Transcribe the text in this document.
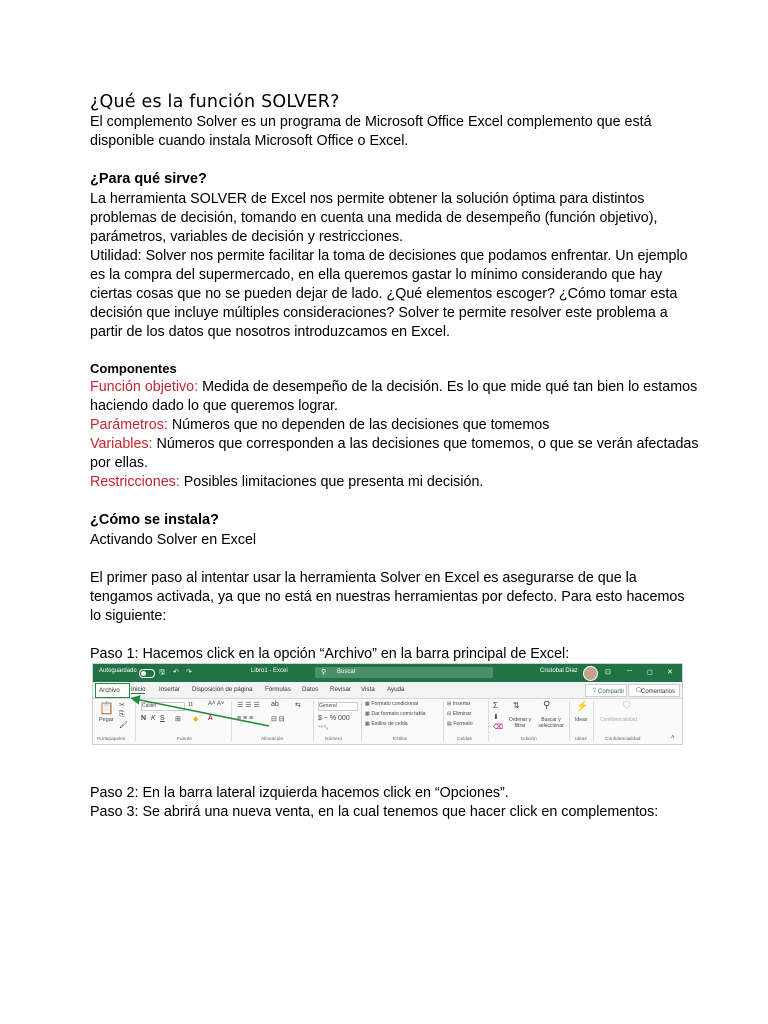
¿Qué es la función SOLVER?
El complemento Solver es un programa de Microsoft Office Excel complemento que está
disponible cuando instala Microsoft Office o Excel.
¿Para qué sirve?
La herramienta SOLVER de Excel nos permite obtener la solución óptima para distintos
problemas de decisión, tomando en cuenta una medida de desempeño (función objetivo),
parámetros, variables de decisión y restricciones.
Utilidad: Solver nos permite facilitar la toma de decisiones que podamos enfrentar. Un ejemplo
es la compra del supermercado, en ella queremos gastar lo mínimo considerando que hay
ciertas cosas que no se pueden dejar de lado. ¿Qué elementos escoger? ¿Cómo tomar esta
decisión que incluye múltiples consideraciones? Solver te permite resolver este problema a
partir de los datos que nosotros introduzcamos en Excel.
Componentes
Función objetivo: Medida de desempeño de la decisión. Es lo que mide qué tan bien lo estamos
haciendo dado lo que queremos lograr.
Parámetros: Números que no dependen de las decisiones que tomemos
Variables: Números que corresponden a las decisiones que tomemos, o que se verán afectadas
por ellas.
Restricciones: Posibles limitaciones que presenta mi decisión.
¿Cómo se instala?
Activando Solver en Excel
El primer paso al intentar usar la herramienta Solver en Excel es asegurarse de que la
tengamos activada, ya que no está en nuestras herramientas por defecto. Para esto hacemos
lo siguiente:
Paso 1: Hacemos click en la opción “Archivo” en la barra principal de Excel:
Paso 2: En la barra lateral izquierda hacemos click en “Opciones”.
Paso 3: Se abrirá una nueva venta, en la cual tenemos que hacer click en complementos:
Autoguardado	🖫 ↶ ↷	Libro1 - Excel	⚲ Buscar	Cristobal Díaz	⊡ ─ ◻ ✕
Archivo Inicio Insertar Disposición de página Fórmulas Datos Revisar Vista Ayuda	⇪ Compartir 🗨
Comentarios
📋
Pegar
✂
⎘
🖌
Portapapeles
Calibri	11 A˄ A˅
N K S ⊞ ◆ A
Fuente
☰ ☰ ☰ ab
≡ ≡ ≡	⊟ ⊟
⇆
Alineación
General
$ ~ % 000
⁺⁰ ⁰₀
Número
▦ Formato condicional
▦ Dar formato como tabla
▦ Estilos de celda
Estilos
⊞ Insertar
⊟ Eliminar
▤ Formato
Celdas
Σ
⬇
⌫
⇅
Ordenar y filtrar
⚲
Buscar y seleccionar
Edición
⚡
Ideas
Ideas
⛉
Confidencialidad
Confidencialidad	˄
